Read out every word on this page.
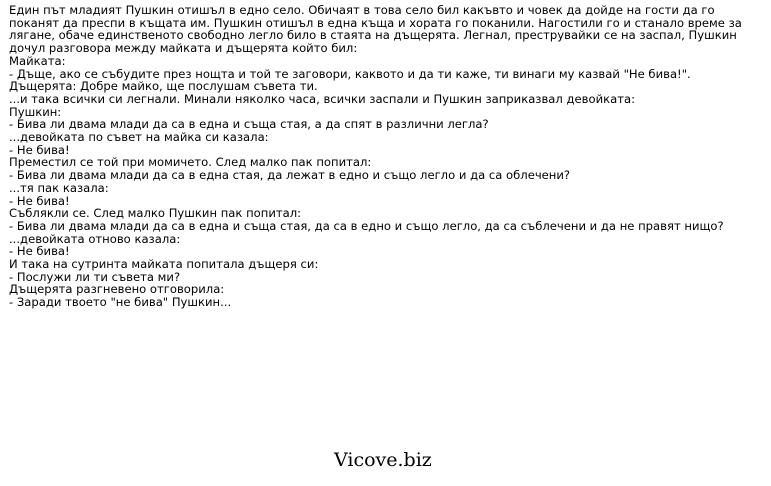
Един път младият Пушкин отишъл в едно село. Обичаят в това село бил какъвто и човек да дойде на гости да го поканят да преспи в къщата им. Пушкин отишъл в една къща и хората го поканили. Нагостили го и станало време за лягане, обаче единственото свободно легло било в стаята на дъщерята. Легнал, преструвайки се на заспал, Пушкин дочул разговора между майката и дъщерята който бил:

Майката:

- Дъще, ако се събудите през нощта и той те заговори, каквото и да ти каже, ти винаги му казвай "Не бива!".

Дъщерята: Добре майко, ще послушам съвета ти.

...и така всички си легнали. Минали няколко часа, всички заспали и Пушкин заприказвал девойката:

Пушкин:

- Бива ли двама млади да са в една и съща стая, а да спят в различни легла?

...девойката по съвет на майка си казала:

- Не бива!

Преместил се той при момичето. След малко пак попитал:

- Бива ли двама млади да са в една стая, да лежат в едно и също легло и да са облечени?

...тя пак казала:

- Не бива!

Съблякли се. След малко Пушкин пак попитал:

- Бива ли двама млади да са в една и съща стая, да са в едно и също легло, да са съблечени и да не правят нищо?

...девойката отново казала:

- Не бива!

И така на сутринта майката попитала дъщеря си:

- Послужи ли ти съвета ми?

Дъщерята разгневено отговорила:

- Заради твоето "не бива" Пушкин...

Vicove.biz
